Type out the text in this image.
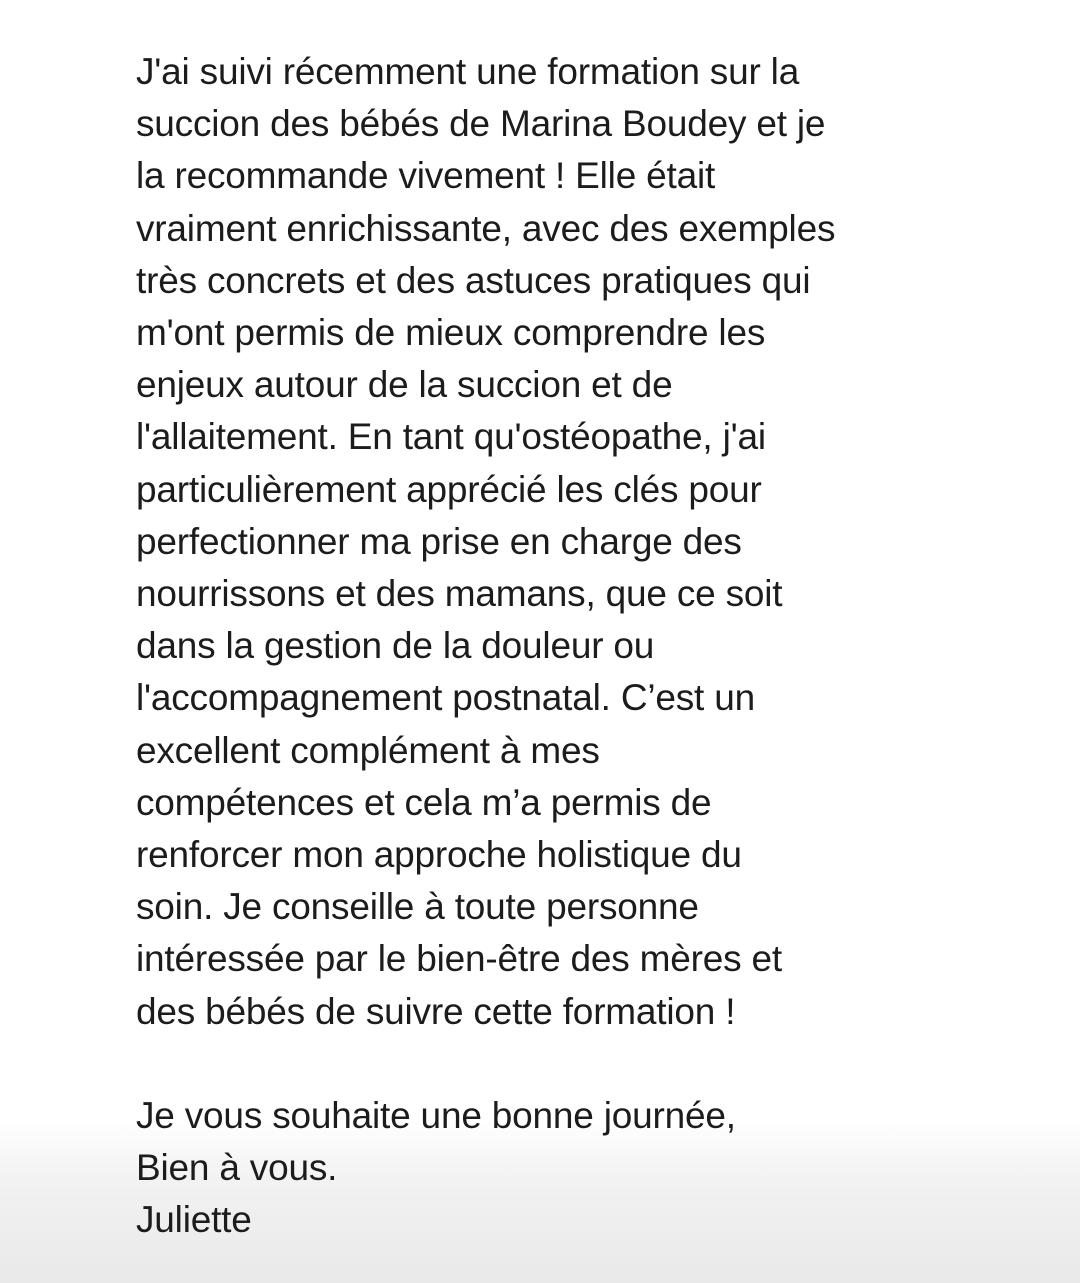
J'ai suivi récemment une formation sur la
succion des bébés de Marina Boudey et je
la recommande vivement ! Elle était
vraiment enrichissante, avec des exemples
très concrets et des astuces pratiques qui
m'ont permis de mieux comprendre les
enjeux autour de la succion et de
l'allaitement. En tant qu'ostéopathe, j'ai
particulièrement apprécié les clés pour
perfectionner ma prise en charge des
nourrissons et des mamans, que ce soit
dans la gestion de la douleur ou
l'accompagnement postnatal. C’est un
excellent complément à mes
compétences et cela m’a permis de
renforcer mon approche holistique du
soin. Je conseille à toute personne
intéressée par le bien-être des mères et
des bébés de suivre cette formation !

Je vous souhaite une bonne journée,
Bien à vous.
Juliette
